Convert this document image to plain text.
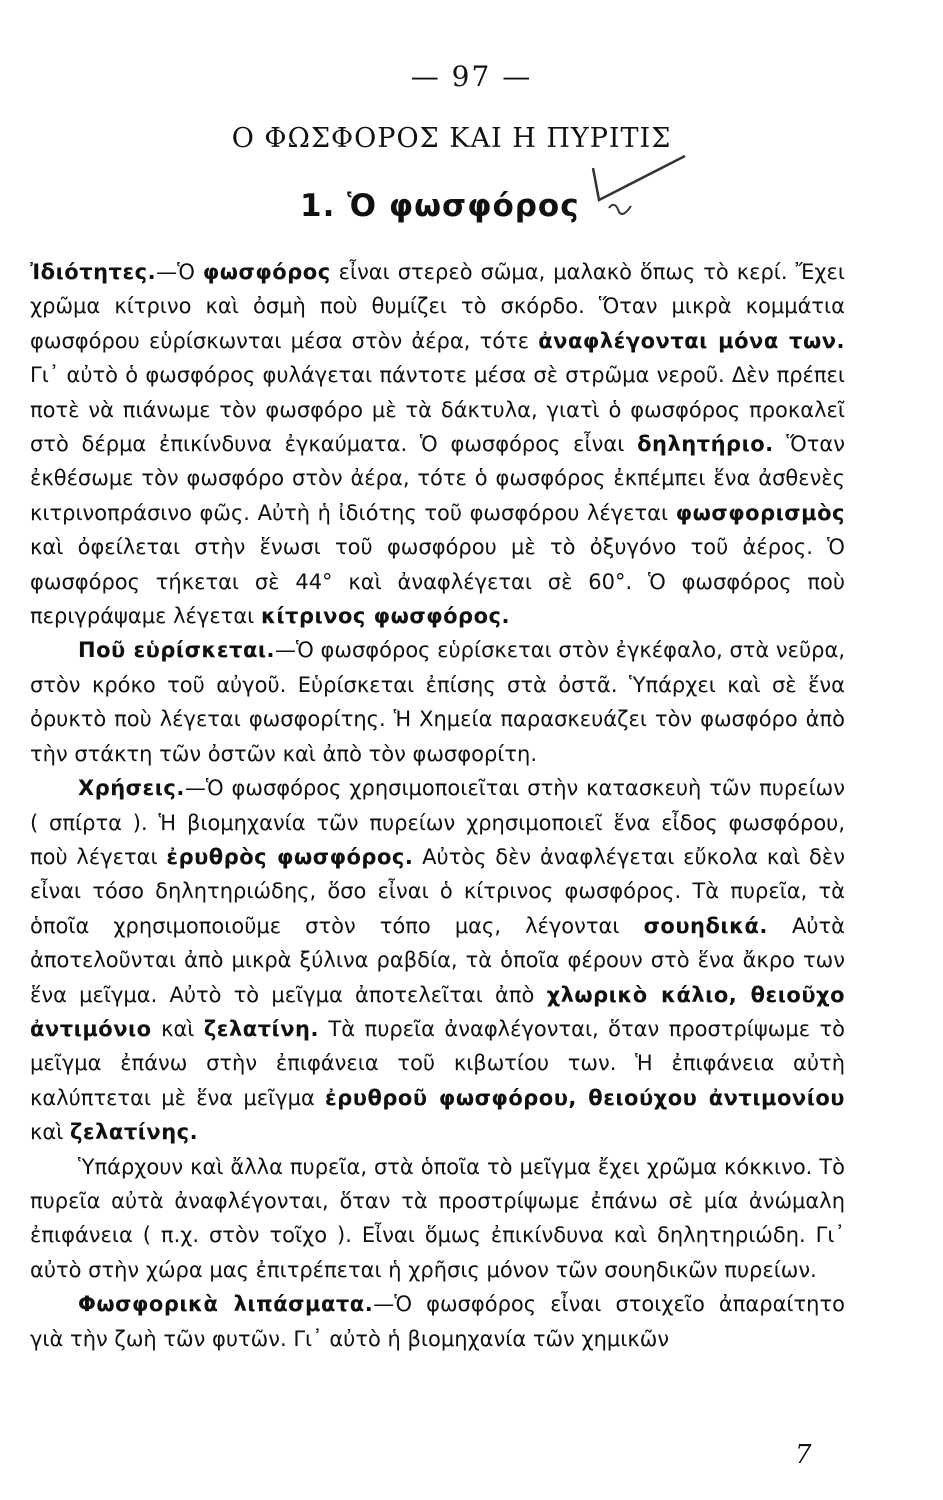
— 97 —
Ο ΦΩΣΦΟΡΟΣ ΚΑΙ Η ΠΥΡΙΤΙΣ
1. Ὁ φωσφόρος

Ἰδιότητες.—Ὁ φωσφόρος εἶναι στερεὸ σῶμα, μαλακὸ ὅπως τὸ κερί. Ἔχει χρῶμα κίτρινο καὶ ὀσμὴ ποὺ θυμίζει τὸ σκόρδο. Ὅταν μικρὰ κομμάτια φωσφόρου εὑρίσκωνται μέσα στὸν ἀέρα, τότε ἀναφλέγονται μόνα των. Γι᾽ αὐτὸ ὁ φωσφόρος φυλάγεται πάντοτε μέσα σὲ στρῶμα νεροῦ. Δὲν πρέπει ποτὲ νὰ πιάνωμε τὸν φωσφόρο μὲ τὰ δάκτυλα, γιατὶ ὁ φωσφόρος προκαλεῖ στὸ δέρμα ἐπικίνδυνα ἐγκαύματα. Ὁ φωσφόρος εἶναι δηλητήριο. Ὅταν ἐκθέσωμε τὸν φωσφόρο στὸν ἀέρα, τότε ὁ φωσφόρος ἐκπέμπει ἕνα ἀσθενὲς κιτρινοπράσινο φῶς. Αὐτὴ ἡ ἰδιότης τοῦ φωσφόρου λέγεται φωσφορισμὸς καὶ ὀφείλεται στὴν ἕνωσι τοῦ φωσφόρου μὲ τὸ ὀξυγόνο τοῦ ἀέρος. Ὁ φωσφόρος τήκεται σὲ 44° καὶ ἀναφλέγεται σὲ 60°. Ὁ φωσφόρος ποὺ περιγράψαμε λέγεται κίτρινος φωσφόρος.

Ποῦ εὑρίσκεται.—Ὁ φωσφόρος εὑρίσκεται στὸν ἐγκέφαλο, στὰ νεῦρα, στὸν κρόκο τοῦ αὐγοῦ. Εὑρίσκεται ἐπίσης στὰ ὀστᾶ. Ὑπάρχει καὶ σὲ ἕνα ὀρυκτὸ ποὺ λέγεται φωσφορίτης. Ἡ Χημεία παρασκευάζει τὸν φωσφόρο ἀπὸ τὴν στάκτη τῶν ὀστῶν καὶ ἀπὸ τὸν φωσφορίτη.

Χρήσεις.—Ὁ φωσφόρος χρησιμοποιεῖται στὴν κατασκευὴ τῶν πυρείων ( σπίρτα ). Ἡ βιομηχανία τῶν πυρείων χρησιμοποιεῖ ἕνα εἶδος φωσφόρου, ποὺ λέγεται ἐρυθρὸς φωσφόρος. Αὐτὸς δὲν ἀναφλέγεται εὔκολα καὶ δὲν εἶναι τόσο δηλητηριώδης, ὅσο εἶναι ὁ κίτρινος φωσφόρος. Τὰ πυρεῖα, τὰ ὁποῖα χρησιμοποιοῦμε στὸν τόπο μας, λέγονται σουηδικά. Αὐτὰ ἀποτελοῦνται ἀπὸ μικρὰ ξύλινα ραβδία, τὰ ὁποῖα φέρουν στὸ ἕνα ἄκρο των ἕνα μεῖγμα. Αὐτὸ τὸ μεῖγμα ἀποτελεῖται ἀπὸ χλωρικὸ κάλιο, θειοῦχο ἀντιμόνιο καὶ ζελατίνη. Τὰ πυρεῖα ἀναφλέγονται, ὅταν προστρίψωμε τὸ μεῖγμα ἐπάνω στὴν ἐπιφάνεια τοῦ κιβωτίου των. Ἡ ἐπιφάνεια αὐτὴ καλύπτεται μὲ ἕνα μεῖγμα ἐρυθροῦ φωσφόρου, θειούχου ἀντιμονίου καὶ ζελατίνης.

Ὑπάρχουν καὶ ἄλλα πυρεῖα, στὰ ὁποῖα τὸ μεῖγμα ἔχει χρῶμα κόκκινο. Τὸ πυρεῖα αὐτὰ ἀναφλέγονται, ὅταν τὰ προστρίψωμε ἐπάνω σὲ μία ἀνώμαλη ἐπιφάνεια ( π.χ. στὸν τοῖχο ). Εἶναι ὅμως ἐπικίνδυνα καὶ δηλητηριώδη. Γι᾽ αὐτὸ στὴν χώρα μας ἐπιτρέπεται ἡ χρῆσις μόνον τῶν σουηδικῶν πυρείων.

Φωσφορικὰ λιπάσματα.—Ὁ φωσφόρος εἶναι στοιχεῖο ἀπαραίτητο γιὰ τὴν ζωὴ τῶν φυτῶν. Γι᾽ αὐτὸ ἡ βιομηχανία τῶν χημικῶν

7
